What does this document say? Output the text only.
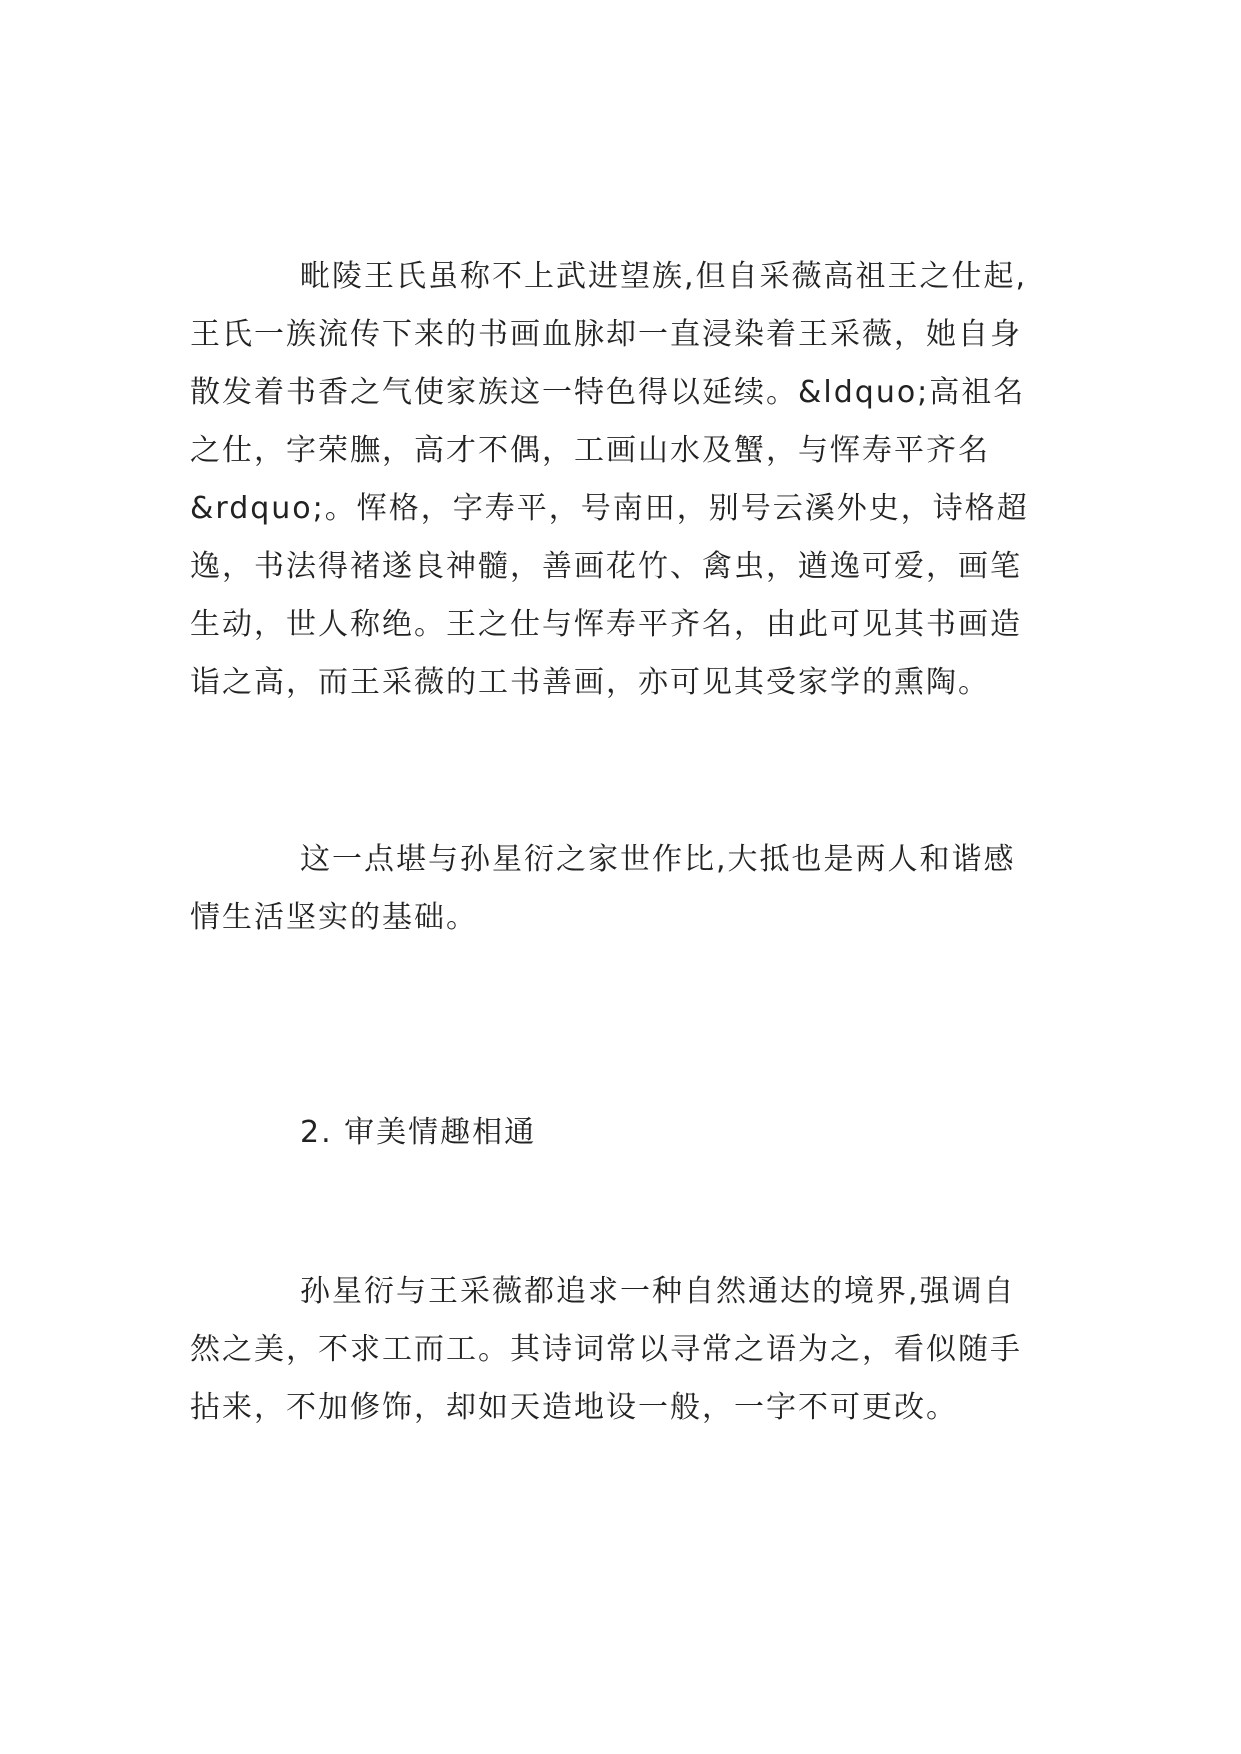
毗陵王氏虽称不上武进望族,但自采薇高祖王之仕起,
王氏一族流传下来的书画血脉却一直浸染着王采薇，她自身
散发着书香之气使家族这一特色得以延续。&ldquo;高祖名
之仕，字荣膴，高才不偶，工画山水及蟹，与恽寿平齐名
&rdquo;。恽格，字寿平，号南田，别号云溪外史，诗格超
逸，书法得褚遂良神髓，善画花竹、禽虫，遒逸可爱，画笔
生动，世人称绝。王之仕与恽寿平齐名，由此可见其书画造
诣之高，而王采薇的工书善画，亦可见其受家学的熏陶。
这一点堪与孙星衍之家世作比,大抵也是两人和谐感
情生活坚实的基础。
2. 审美情趣相通
孙星衍与王采薇都追求一种自然通达的境界,强调自
然之美，不求工而工。其诗词常以寻常之语为之，看似随手
拈来，不加修饰，却如天造地设一般，一字不可更改。
